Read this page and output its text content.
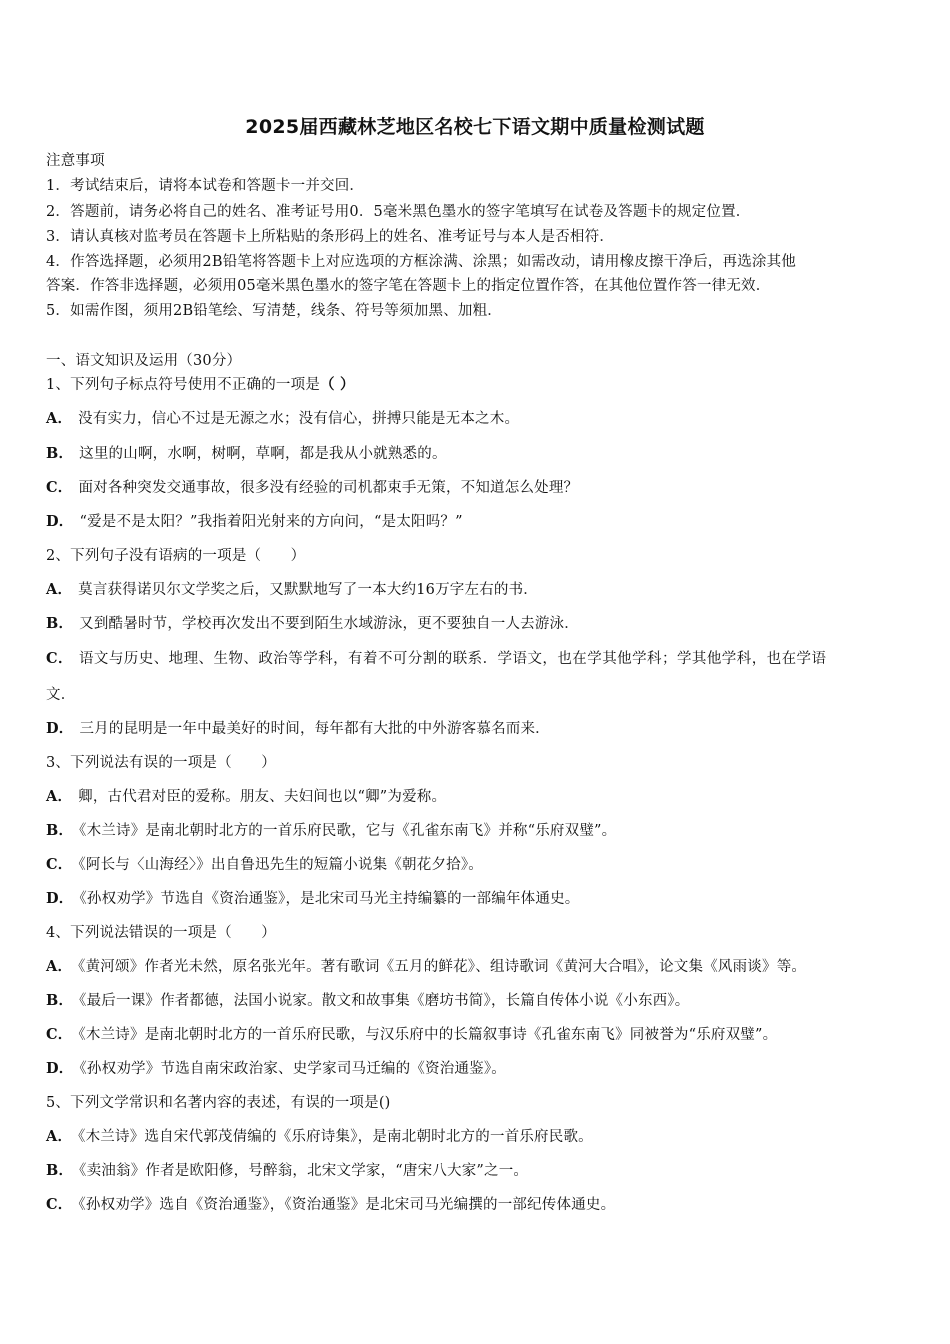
2025届西藏林芝地区名校七下语文期中质量检测试题
注意事项
1．考试结束后，请将本试卷和答题卡一并交回．
2．答题前，请务必将自己的姓名、准考证号用0．5毫米黑色墨水的签字笔填写在试卷及答题卡的规定位置．
3．请认真核对监考员在答题卡上所粘贴的条形码上的姓名、准考证号与本人是否相符．
4．作答选择题，必须用2B铅笔将答题卡上对应选项的方框涂满、涂黑；如需改动，请用橡皮擦干净后，再选涂其他
答案．作答非选择题，必须用05毫米黑色墨水的签字笔在答题卡上的指定位置作答，在其他位置作答一律无效．
5．如需作图，须用2B铅笔绘、写清楚，线条、符号等须加黑、加粗．
一、语文知识及运用（30分）
1、下列句子标点符号使用不正确的一项是（ ）
A． 没有实力，信心不过是无源之水；没有信心，拼搏只能是无本之木。
B． 这里的山啊，水啊，树啊，草啊，都是我从小就熟悉的。
C． 面对各种突发交通事故，很多没有经验的司机都束手无策，不知道怎么处理？
D． “爱是不是太阳？”我指着阳光射来的方向问，“是太阳吗？”
2、下列句子没有语病的一项是（　　）
A． 莫言获得诺贝尔文学奖之后，又默默地写了一本大约16万字左右的书．
B． 又到酷暑时节，学校再次发出不要到陌生水域游泳，更不要独自一人去游泳．
C． 语文与历史、地理、生物、政治等学科，有着不可分割的联系．学语文，也在学其他学科；学其他学科，也在学语
文．
D． 三月的昆明是一年中最美好的时间，每年都有大批的中外游客慕名而来．
3、下列说法有误的一项是（　　）
A． 卿，古代君对臣的爱称。朋友、夫妇间也以“卿”为爱称。
B． 《木兰诗》是南北朝时北方的一首乐府民歌，它与《孔雀东南飞》并称“乐府双璧”。
C． 《阿长与〈山海经〉》出自鲁迅先生的短篇小说集《朝花夕拾》。
D． 《孙权劝学》节选自《资治通鉴》，是北宋司马光主持编纂的一部编年体通史。
4、下列说法错误的一项是（　　）
A． 《黄河颂》作者光未然，原名张光年。著有歌词《五月的鲜花》、组诗歌词《黄河大合唱》，论文集《风雨谈》等。
B． 《最后一课》作者都德，法国小说家。散文和故事集《磨坊书简》，长篇自传体小说《小东西》。
C． 《木兰诗》是南北朝时北方的一首乐府民歌，与汉乐府中的长篇叙事诗《孔雀东南飞》同被誉为“乐府双璧”。
D． 《孙权劝学》节选自南宋政治家、史学家司马迁编的《资治通鉴》。
5、下列文学常识和名著内容的表述，有误的一项是()
A． 《木兰诗》选自宋代郭茂倩编的《乐府诗集》，是南北朝时北方的一首乐府民歌。
B． 《卖油翁》作者是欧阳修，号醉翁，北宋文学家，“唐宋八大家”之一。
C． 《孙权劝学》选自《资治通鉴》，《资治通鉴》是北宋司马光编撰的一部纪传体通史。
